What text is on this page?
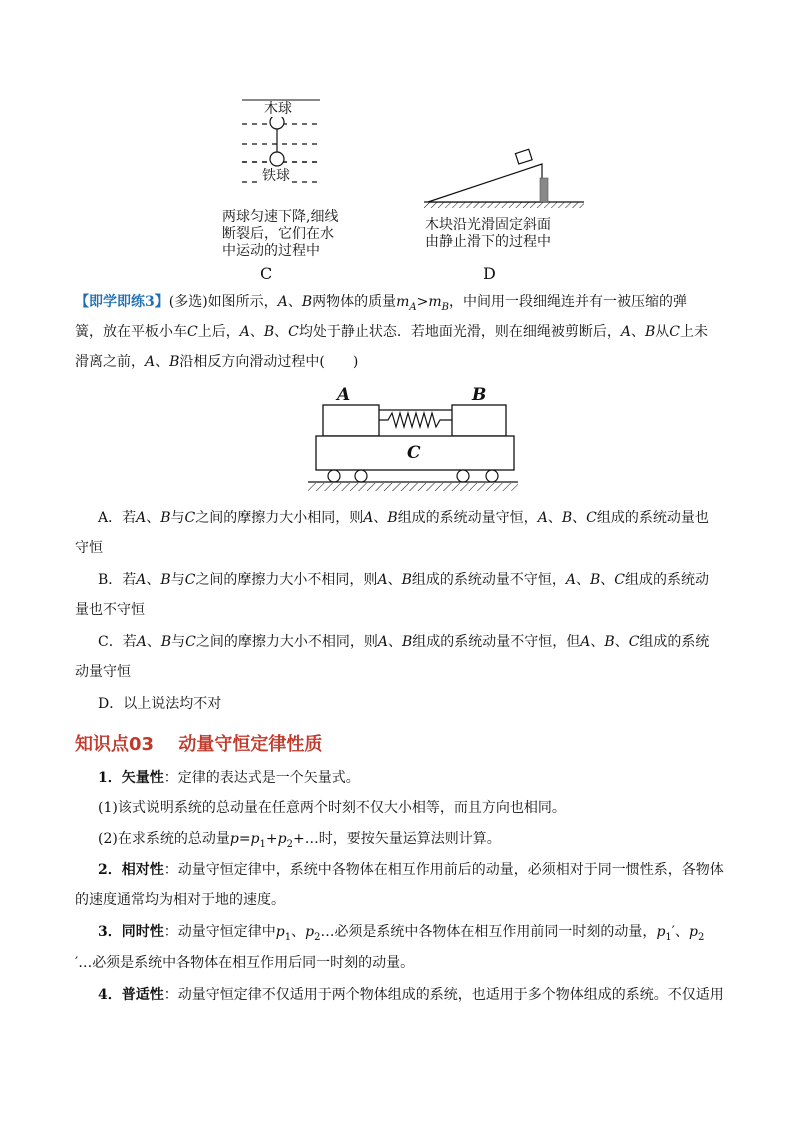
木球
铁球
两球匀速下降,细线
断裂后，它们在水
中运动的过程中
C
木块沿光滑固定斜面
由静止滑下的过程中
D
【即学即练3】(多选)如图所示，A、B两物体的质量$m_A>m_B$，中间用一段细绳连并有一被压缩的弹
簧，放在平板小车C上后，A、B、C均处于静止状态．若地面光滑，则在细绳被剪断后，A、B从C上未
滑离之前，A、B沿相反方向滑动过程中(　　)
A	B
C
A．若A、B与C之间的摩擦力大小相同，则A、B组成的系统动量守恒，A、B、C组成的系统动量也
守恒
B．若A、B与C之间的摩擦力大小不相同，则A、B组成的系统动量不守恒，A、B、C组成的系统动
量也不守恒
C．若A、B与C之间的摩擦力大小不相同，则A、B组成的系统动量不守恒，但A、B、C组成的系统
动量守恒
D．以上说法均不对
知识点03　 动量守恒定律性质
1．矢量性：定律的表达式是一个矢量式。
(1)该式说明系统的总动量在任意两个时刻不仅大小相等，而且方向也相同。
(2)在求系统的总动量$p=p_1+p_2+\dots$时，要按矢量运算法则计算。
2．相对性：动量守恒定律中，系统中各物体在相互作用前后的动量，必须相对于同一惯性系，各物体
的速度通常均为相对于地的速度。
3．同时性：动量守恒定律中$p_1$、$p_2\dots$必须是系统中各物体在相互作用前同一时刻的动量，$p_1'$、$p_2$
′…必须是系统中各物体在相互作用后同一时刻的动量。
4．普适性：动量守恒定律不仅适用于两个物体组成的系统，也适用于多个物体组成的系统。不仅适用
